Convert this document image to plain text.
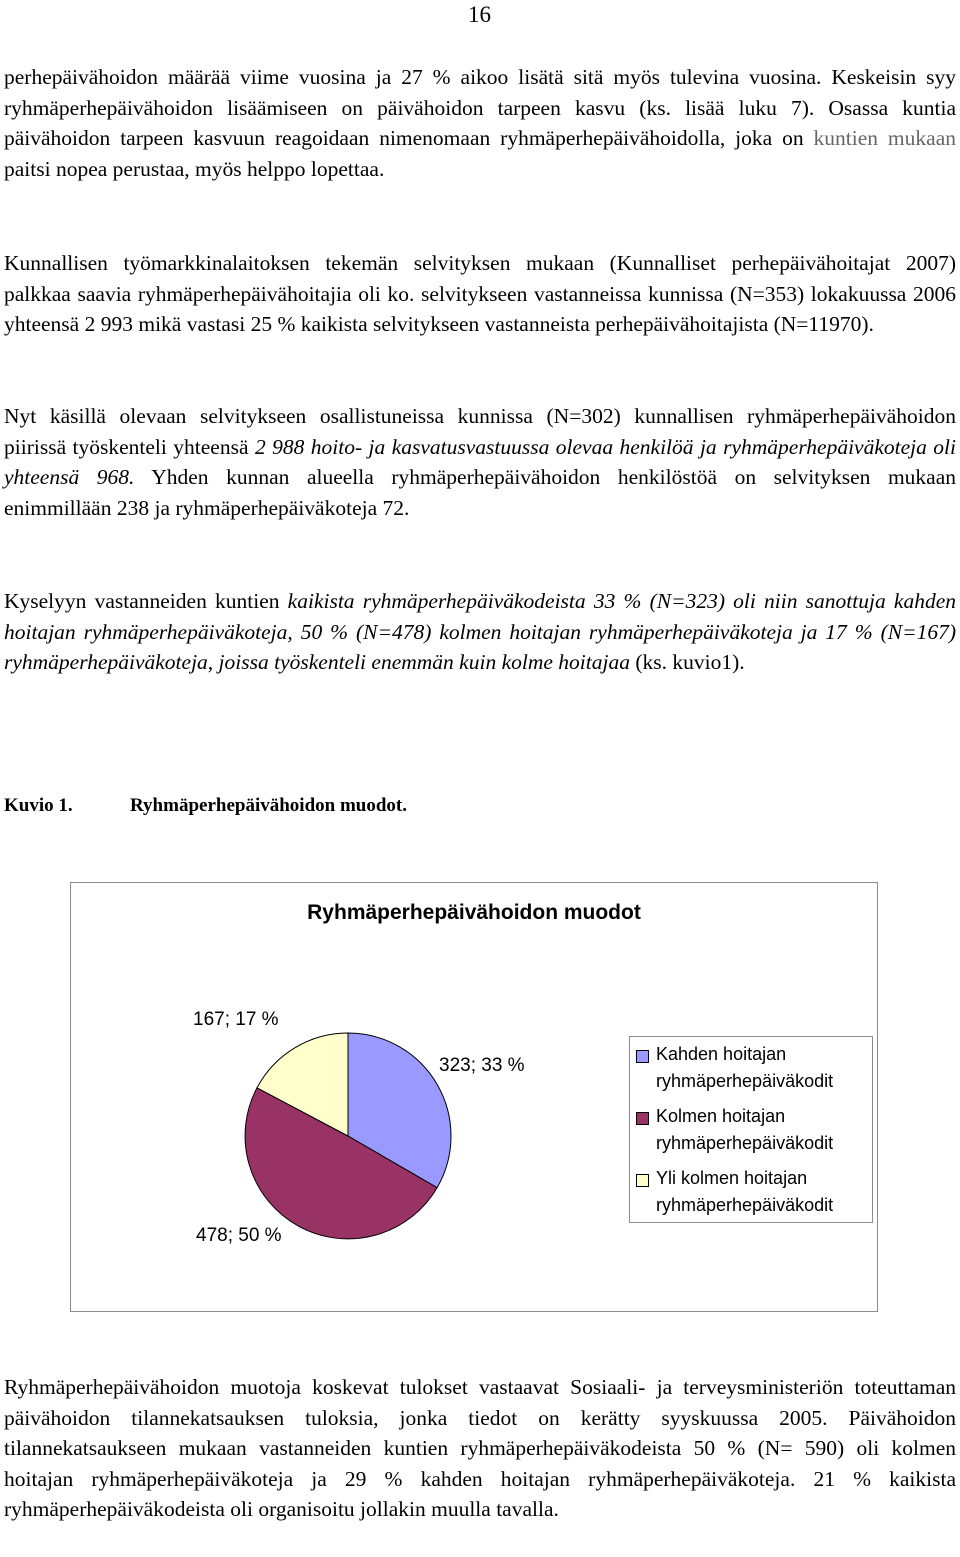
16

perhepäivähoidon määrää viime vuosina ja 27 % aikoo lisätä sitä myös tulevina vuosina. Keskeisin syy ryhmäperhepäivähoidon lisäämiseen on päivähoidon tarpeen kasvu (ks. lisää luku 7). Osassa kuntia päivähoidon tarpeen kasvuun reagoidaan nimenomaan ryhmäperhepäivähoidolla, joka on kuntien mukaan paitsi nopea perustaa, myös helppo lopettaa.

Kunnallisen työmarkkinalaitoksen tekemän selvityksen mukaan (Kunnalliset perhepäivähoitajat 2007) palkkaa saavia ryhmäperhepäivähoitajia oli ko. selvitykseen vastanneissa kunnissa (N=353) lokakuussa 2006 yhteensä 2 993 mikä vastasi 25 % kaikista selvitykseen vastanneista perhepäivähoitajista (N=11970).

Nyt käsillä olevaan selvitykseen osallistuneissa kunnissa (N=302) kunnallisen ryhmäperhepäivähoidon piirissä työskenteli yhteensä 2 988 hoito- ja kasvatusvastuussa olevaa henkilöä ja ryhmäperhepäiväkoteja oli yhteensä 968. Yhden kunnan alueella ryhmäperhepäivähoidon henkilöstöä on selvityksen mukaan enimmillään 238 ja ryhmäperhepäiväkoteja 72.

Kyselyyn vastanneiden kuntien kaikista ryhmäperhepäiväkodeista 33 % (N=323) oli niin sanottuja kahden hoitajan ryhmäperhepäiväkoteja, 50 % (N=478) kolmen hoitajan ryhmäperhepäiväkoteja ja 17 % (N=167) ryhmäperhepäiväkoteja, joissa työskenteli enemmän kuin kolme hoitajaa (ks. kuvio1).

Kuvio 1.	Ryhmäperhepäivähoidon muodot.
Ryhmäperhepäivähoidon muodot
323; 33 %
478; 50 %
167; 17 %
Kahden hoitajan ryhmäperhepäiväkodit
Kolmen hoitajan ryhmäperhepäiväkodit
Yli kolmen hoitajan ryhmäperhepäiväkodit

Ryhmäperhepäivähoidon muotoja koskevat tulokset vastaavat Sosiaali- ja terveysministeriön toteuttaman päivähoidon tilannekatsauksen tuloksia, jonka tiedot on kerätty syyskuussa 2005. Päivähoidon tilannekatsaukseen mukaan vastanneiden kuntien ryhmäperhepäiväkodeista 50 % (N= 590) oli kolmen hoitajan ryhmäperhepäiväkoteja ja 29 % kahden hoitajan ryhmäperhepäiväkoteja. 21 % kaikista ryhmäperhepäiväkodeista oli organisoitu jollakin muulla tavalla.
